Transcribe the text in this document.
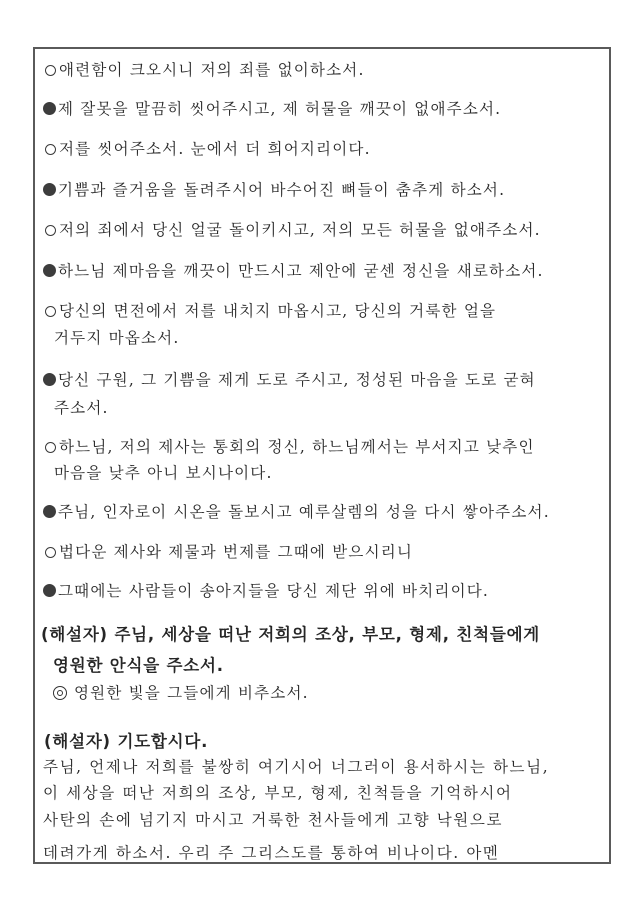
애련함이 크오시니 저의 죄를 없이하소서.
제 잘못을 말끔히 씻어주시고, 제 허물을 깨끗이 없애주소서.
저를 씻어주소서. 눈에서 더 희어지리이다.
기쁨과 즐거움을 돌려주시어 바수어진 뼈들이 춤추게 하소서.
저의 죄에서 당신 얼굴 돌이키시고, 저의 모든 허물을 없애주소서.
하느님 제마음을 깨끗이 만드시고 제안에 굳센 정신을 새로하소서.
당신의 면전에서 저를 내치지 마옵시고, 당신의 거룩한 얼을
거두지 마옵소서.
당신 구원, 그 기쁨을 제게 도로 주시고, 정성된 마음을 도로 굳혀
주소서.
하느님, 저의 제사는 통회의 정신, 하느님께서는 부서지고 낮추인
마음을 낮추 아니 보시나이다.
주님, 인자로이 시온을 돌보시고 예루살렘의 성을 다시 쌓아주소서.
법다운 제사와 제물과 번제를 그때에 받으시리니
그때에는 사람들이 송아지들을 당신 제단 위에 바치리이다.
(해설자) 주님, 세상을 떠난 저희의 조상, 부모, 형제, 친척들에게
영원한 안식을 주소서.
영원한 빛을 그들에게 비추소서.
(해설자) 기도합시다.
주님, 언제나 저희를 불쌍히 여기시어 너그러이 용서하시는 하느님,
이 세상을 떠난 저희의 조상, 부모, 형제, 친척들을 기억하시어
사탄의 손에 넘기지 마시고 거룩한 천사들에게 고향 낙원으로
데려가게 하소서. 우리 주 그리스도를 통하여 비나이다. 아멘
